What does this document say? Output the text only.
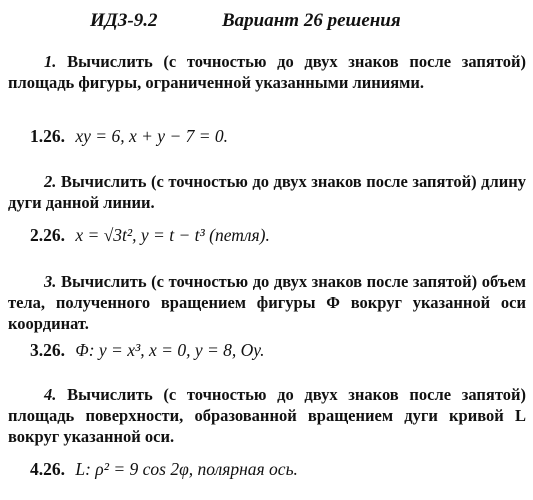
ИДЗ-9.2	Вариант 26 решения
1. Вычислить (с точностью до двух знаков после запятой) площадь фигуры, ограниченной указанными линиями.
1.26. xy = 6, x + y − 7 = 0.
2. Вычислить (с точностью до двух знаков после запятой) длину дуги данной линии.
2.26. x = √3t², y = t − t³ (петля).
3. Вычислить (с точностью до двух знаков после запятой) объем тела, полученного вращением фигуры Φ вокруг указанной оси координат.
3.26. Φ: y = x³, x = 0, y = 8, Oy.
4. Вычислить (с точностью до двух знаков после запятой) площадь поверхности, образованной вращением дуги кривой L вокруг указанной оси.
4.26. L: ρ² = 9 cos 2φ, полярная ось.
